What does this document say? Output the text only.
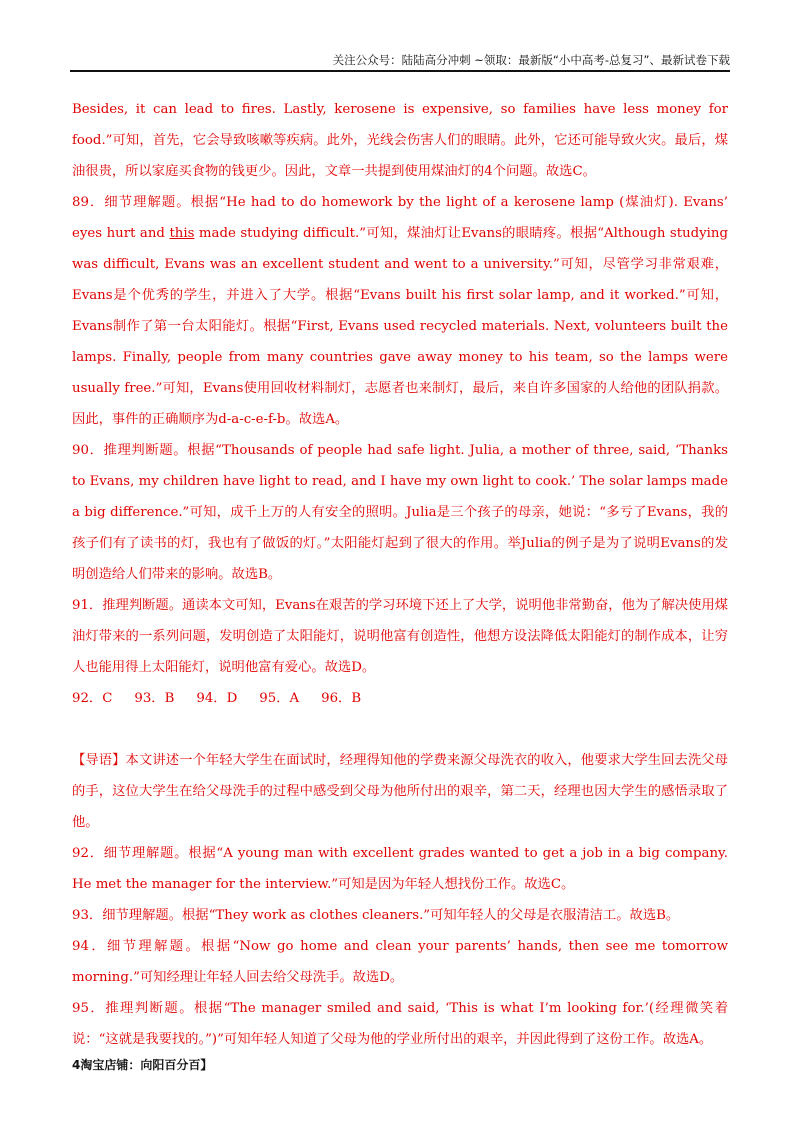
关注公众号：陆陆高分冲刺 ~领取：最新版“小中高考-总复习”、最新试卷下载

Besides, it can lead to fires. Lastly, kerosene is expensive, so families have less money for food.”可知，首先，它会导致咳嗽等疾病。此外，光线会伤害人们的眼睛。此外，它还可能导致火灾。最后，煤油很贵，所以家庭买食物的钱更少。因此，文章一共提到使用煤油灯的4个问题。故选C。

89．细节理解题。根据“He had to do homework by the light of a kerosene lamp (煤油灯). Evans’ eyes hurt and this made studying difficult.”可知，煤油灯让Evans的眼睛疼。根据“Although studying was difficult, Evans was an excellent student and went to a university.”可知，尽管学习非常艰难，Evans是个优秀的学生，并进入了大学。根据“Evans built his first solar lamp, and it worked.”可知，Evans制作了第一台太阳能灯。根据“First, Evans used recycled materials. Next, volunteers built the lamps. Finally, people from many countries gave away money to his team, so the lamps were usually free.”可知，Evans使用回收材料制灯，志愿者也来制灯，最后，来自许多国家的人给他的团队捐款。因此，事件的正确顺序为d-a-c-e-f-b。故选A。

90．推理判断题。根据“Thousands of people had safe light. Julia, a mother of three, said, ‘Thanks to Evans, my children have light to read, and I have my own light to cook.’ The solar lamps made a big difference.”可知，成千上万的人有安全的照明。Julia是三个孩子的母亲，她说：“多亏了Evans，我的孩子们有了读书的灯，我也有了做饭的灯。”太阳能灯起到了很大的作用。举Julia的例子是为了说明Evans的发明创造给人们带来的影响。故选B。

91．推理判断题。通读本文可知，Evans在艰苦的学习环境下还上了大学，说明他非常勤奋，他为了解决使用煤油灯带来的一系列问题，发明创造了太阳能灯，说明他富有创造性，他想方设法降低太阳能灯的制作成本，让穷人也能用得上太阳能灯，说明他富有爱心。故选D。

92．C 93．B 94．D 95．A 96．B

【导语】本文讲述一个年轻大学生在面试时，经理得知他的学费来源父母洗衣的收入，他要求大学生回去洗父母的手，这位大学生在给父母洗手的过程中感受到父母为他所付出的艰辛，第二天，经理也因大学生的感悟录取了他。

92．细节理解题。根据“A young man with excellent grades wanted to get a job in a big company. He met the manager for the interview.”可知是因为年轻人想找份工作。故选C。

93．细节理解题。根据“They work as clothes cleaners.”可知年轻人的父母是衣服清洁工。故选B。

94．细节理解题。根据“Now go home and clean your parents’ hands, then see me tomorrow morning.”可知经理让年轻人回去给父母洗手。故选D。

95．推理判断题。根据“The manager smiled and said, ‘This is what I’m looking for.’(经理微笑着说：“这就是我要找的。”)”可知年轻人知道了父母为他的学业所付出的艰辛，并因此得到了这份工作。故选A。

4淘宝店铺：向阳百分百】
